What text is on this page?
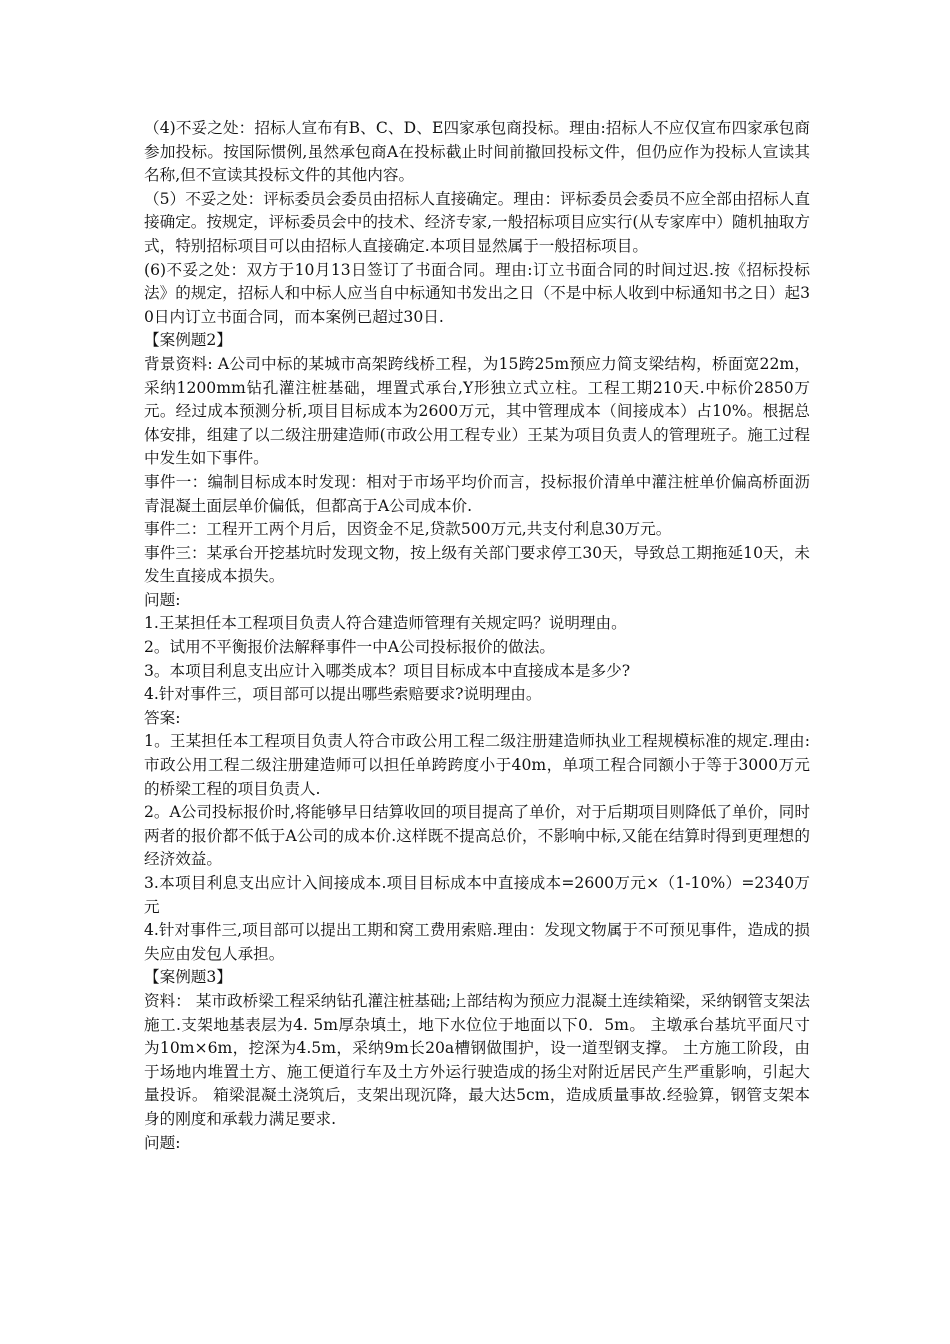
（4)不妥之处：招标人宣布有B、C、D、E四家承包商投标。理由:招标人不应仅宣布四家承包商参加投标。按国际惯例,虽然承包商A在投标截止时间前撤回投标文件，但仍应作为投标人宣读其名称,但不宣读其投标文件的其他内容。

（5）不妥之处：评标委员会委员由招标人直接确定。理由：评标委员会委员不应全部由招标人直接确定。按规定，评标委员会中的技术、经济专家,一般招标项目应实行(从专家库中）随机抽取方式，特别招标项目可以由招标人直接确定.本项目显然属于一般招标项目。

(6)不妥之处：双方于10月13日签订了书面合同。理由:订立书面合同的时间过迟.按《招标投标法》的规定，招标人和中标人应当自中标通知书发出之日（不是中标人收到中标通知书之日）起30日内订立书面合同，而本案例已超过30日.

【案例题2】

背景资料: A公司中标的某城市高架跨线桥工程，为15跨25m预应力简支梁结构，桥面宽22m，采纳1200mm钻孔灌注桩基础，埋置式承台,Y形独立式立柱。工程工期210天.中标价2850万元。经过成本预测分析,项目目标成本为2600万元，其中管理成本（间接成本）占10%。根据总体安排，组建了以二级注册建造师(市政公用工程专业）王某为项目负责人的管理班子。施工过程中发生如下事件。

事件一：编制目标成本时发现：相对于市场平均价而言，投标报价清单中灌注桩单价偏高桥面沥青混凝土面层单价偏低，但都高于A公司成本价.

事件二：工程开工两个月后，因资金不足,贷款500万元,共支付利息30万元。

事件三：某承台开挖基坑时发现文物，按上级有关部门要求停工30天，导致总工期拖延10天，未发生直接成本损失。

问题:

1.王某担任本工程项目负责人符合建造师管理有关规定吗？说明理由。

2。试用不平衡报价法解释事件一中A公司投标报价的做法。

3。本项目利息支出应计入哪类成本？项目目标成本中直接成本是多少?

4.针对事件三，项目部可以提出哪些索赔要求?说明理由。

答案:

1。王某担任本工程项目负责人符合市政公用工程二级注册建造师执业工程规模标准的规定.理由:市政公用工程二级注册建造师可以担任单跨跨度小于40m，单项工程合同额小于等于3000万元的桥梁工程的项目负责人.

2。A公司投标报价时,将能够早日结算收回的项目提高了单价，对于后期项目则降低了单价，同时两者的报价都不低于A公司的成本价.这样既不提高总价，不影响中标,又能在结算时得到更理想的经济效益。

3.本项目利息支出应计入间接成本.项目目标成本中直接成本=2600万元×（1-10%）=2340万元

4.针对事件三,项目部可以提出工期和窝工费用索赔.理由：发现文物属于不可预见事件，造成的损失应由发包人承担。

【案例题3】

资料： 某市政桥梁工程采纳钻孔灌注桩基础;上部结构为预应力混凝土连续箱梁，采纳钢管支架法施工.支架地基表层为4. 5m厚杂填土，地下水位位于地面以下0．5m。 主墩承台基坑平面尺寸为10m×6m，挖深为4.5m，采纳9m长20a槽钢做围护，设一道型钢支撑。 土方施工阶段，由于场地内堆置土方、施工便道行车及土方外运行驶造成的扬尘对附近居民产生严重影响，引起大量投诉。 箱梁混凝土浇筑后，支架出现沉降，最大达5cm，造成质量事故.经验算，钢管支架本身的刚度和承载力满足要求.

问题:
